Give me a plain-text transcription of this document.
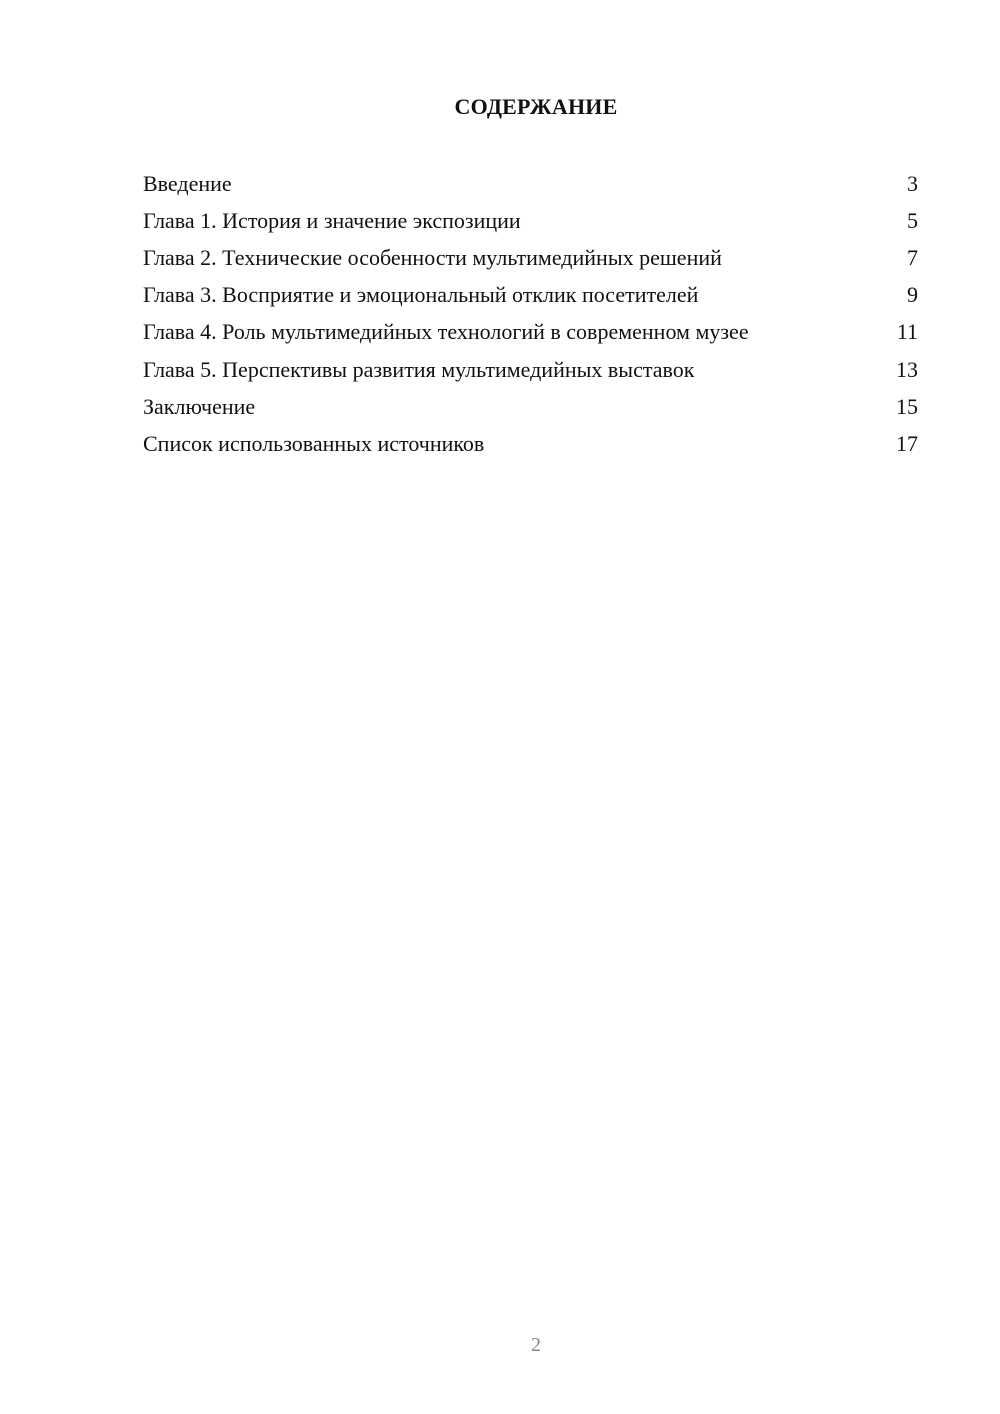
СОДЕРЖАНИЕ
Введение	3
Глава 1. История и значение экспозиции	5
Глава 2. Технические особенности мультимедийных решений	7
Глава 3. Восприятие и эмоциональный отклик посетителей	9
Глава 4. Роль мультимедийных технологий в современном музее	11
Глава 5. Перспективы развития мультимедийных выставок	13
Заключение	15
Список использованных источников	17
2
